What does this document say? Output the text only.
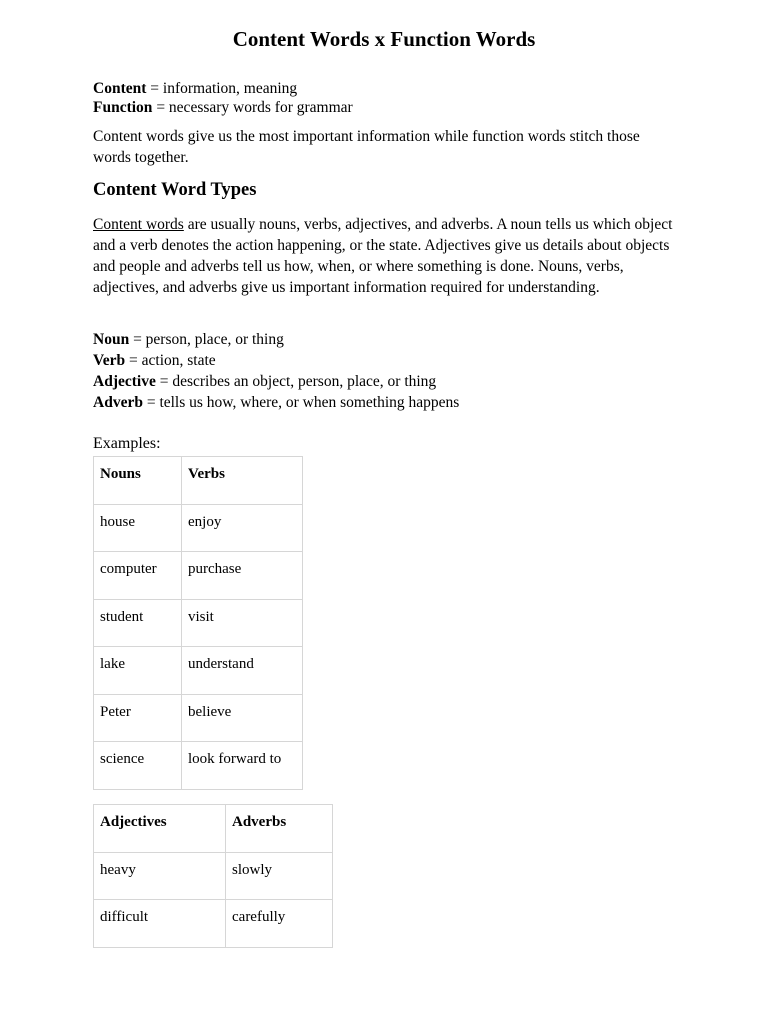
Content Words x Function Words
Content = information, meaning
Function = necessary words for grammar

Content words give us the most important information while function words stitch those words together.

Content Word Types

Content words are usually nouns, verbs, adjectives, and adverbs. A noun tells us which object and a verb denotes the action happening, or the state. Adjectives give us details about objects and people and adverbs tell us how, when, or where something is done. Nouns, verbs, adjectives, and adverbs give us important information required for understanding.

Noun = person, place, or thing
Verb = action, state
Adjective = describes an object, person, place, or thing
Adverb = tells us how, where, or when something happens
Examples:
Nouns	Verbs
house	enjoy
computer	purchase
student	visit
lake	understand
Peter	believe
science	look forward to
Adjectives	Adverbs
heavy	slowly
difficult	carefully
